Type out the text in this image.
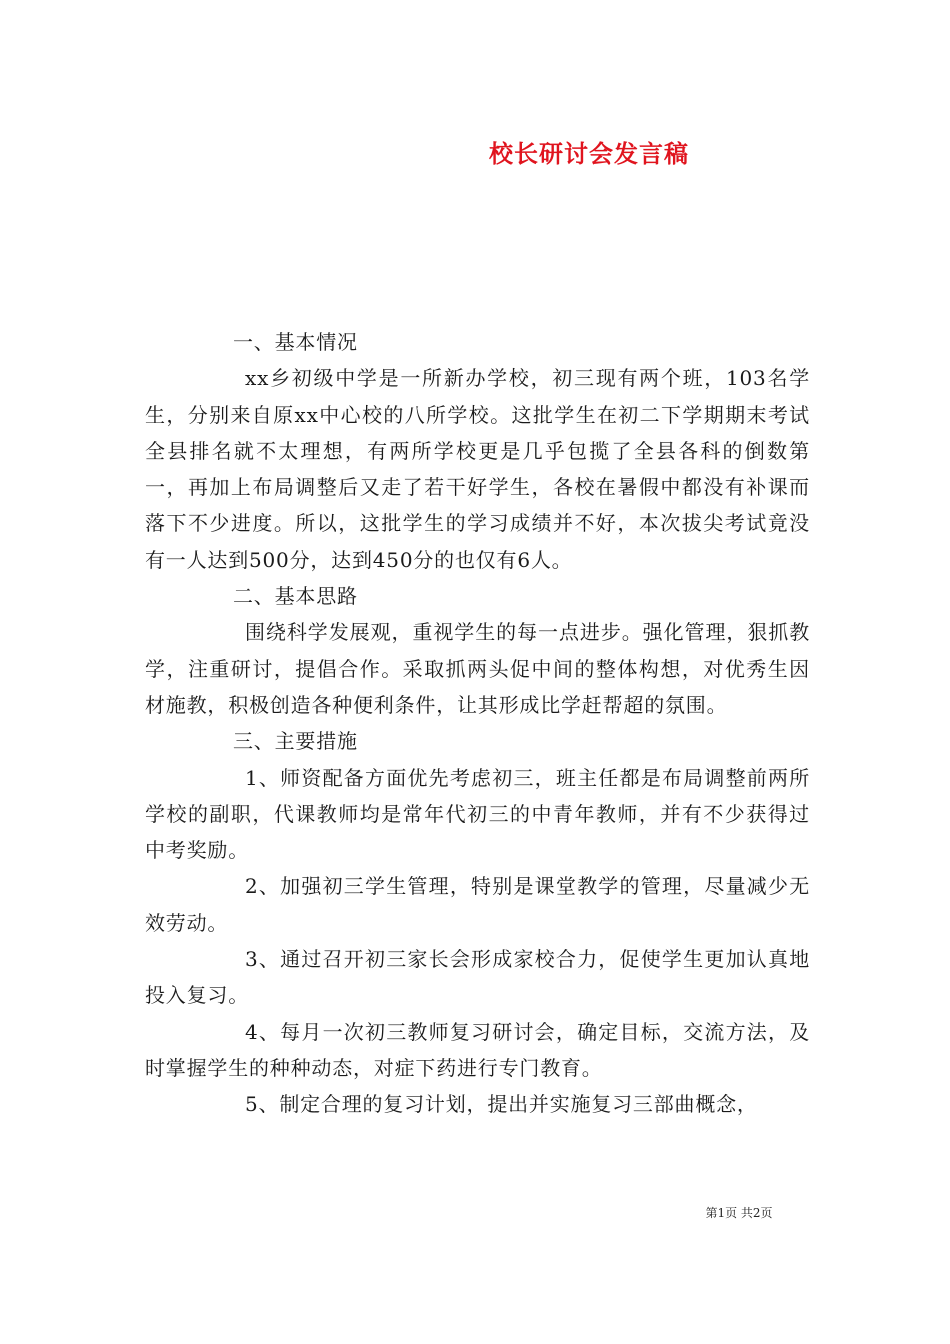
校长研讨会发言稿

一、基本情况

xx乡初级中学是一所新办学校，初三现有两个班，103名学生，分别来自原xx中心校的八所学校。这批学生在初二下学期期末考试全县排名就不太理想，有两所学校更是几乎包揽了全县各科的倒数第一，再加上布局调整后又走了若干好学生，各校在暑假中都没有补课而落下不少进度。所以，这批学生的学习成绩并不好，本次拔尖考试竟没有一人达到500分，达到450分的也仅有6人。

二、基本思路

围绕科学发展观，重视学生的每一点进步。强化管理，狠抓教学，注重研讨，提倡合作。采取抓两头促中间的整体构想，对优秀生因材施教，积极创造各种便利条件，让其形成比学赶帮超的氛围。

三、主要措施

1、师资配备方面优先考虑初三，班主任都是布局调整前两所学校的副职，代课教师均是常年代初三的中青年教师，并有不少获得过中考奖励。

2、加强初三学生管理，特别是课堂教学的管理，尽量减少无效劳动。

3、通过召开初三家长会形成家校合力，促使学生更加认真地投入复习。

4、每月一次初三教师复习研讨会，确定目标，交流方法，及时掌握学生的种种动态，对症下药进行专门教育。

5、制定合理的复习计划，提出并实施复习三部曲概念，

第1页 共2页
